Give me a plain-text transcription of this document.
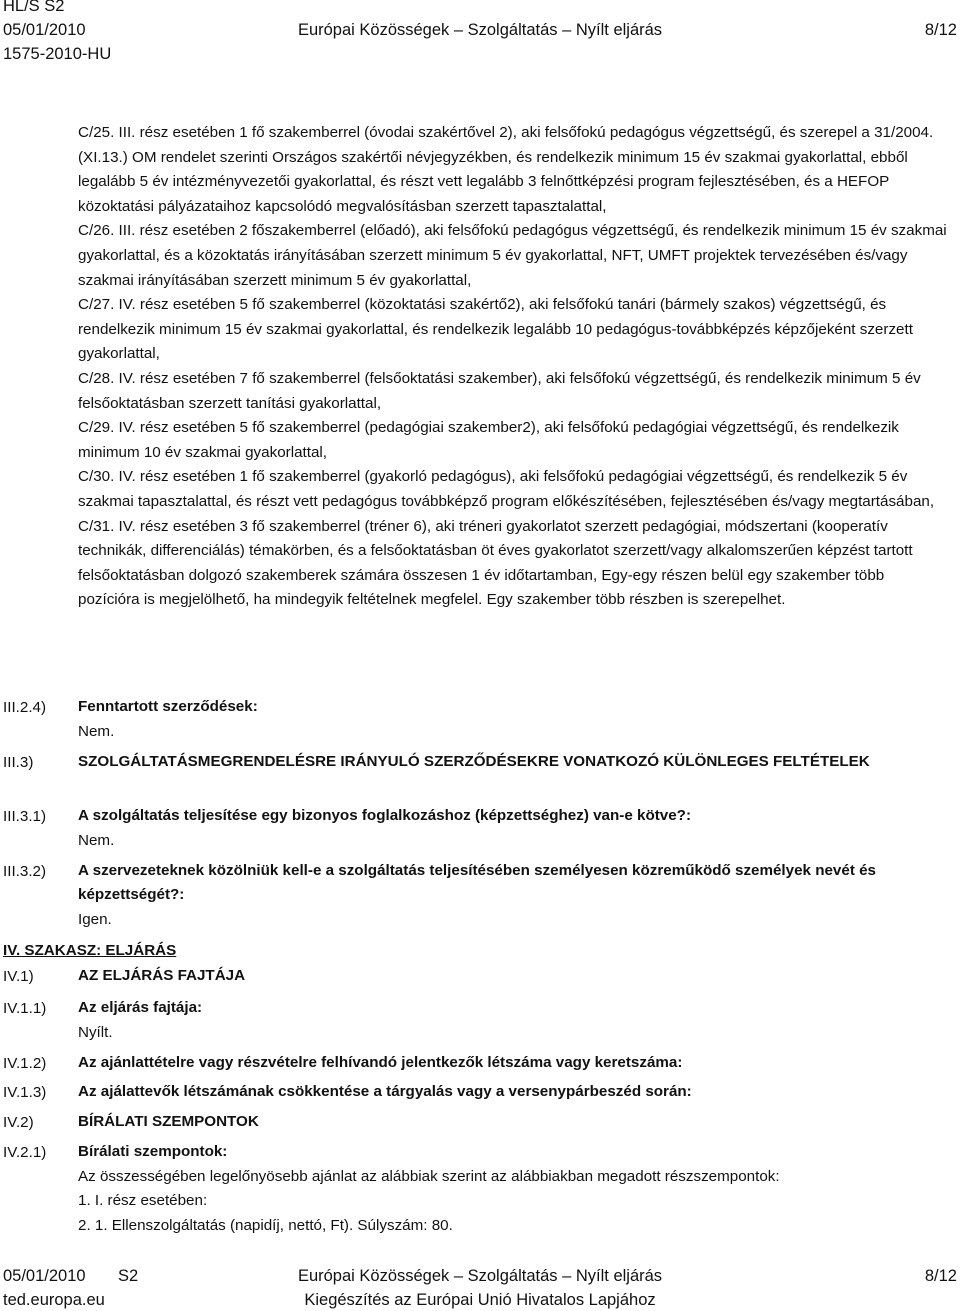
HL/S S2
05/01/2010	Európai Közösségek – Szolgáltatás – Nyílt eljárás	8/12
1575-2010-HU

C/25. III. rész esetében 1 fő szakemberrel (óvodai szakértővel 2), aki felsőfokú pedagógus végzettségű, és szerepel a 31/2004. (XI.13.) OM rendelet szerinti Országos szakértői névjegyzékben, és rendelkezik minimum 15 év szakmai gyakorlattal, ebből legalább 5 év intézményvezetői gyakorlattal, és részt vett legalább 3 felnőttképzési program fejlesztésében, és a HEFOP közoktatási pályázataihoz kapcsolódó megvalósításban szerzett tapasztalattal,

C/26. III. rész esetében 2 főszakemberrel (előadó), aki felsőfokú pedagógus végzettségű, és rendelkezik minimum 15 év szakmai gyakorlattal, és a közoktatás irányításában szerzett minimum 5 év gyakorlattal, NFT, UMFT projektek tervezésében és/vagy szakmai irányításában szerzett minimum 5 év gyakorlattal,

C/27. IV. rész esetében 5 fő szakemberrel (közoktatási szakértő2), aki felsőfokú tanári (bármely szakos) végzettségű, és rendelkezik minimum 15 év szakmai gyakorlattal, és rendelkezik legalább 10 pedagógus-továbbképzés képzőjeként szerzett gyakorlattal,

C/28. IV. rész esetében 7 fő szakemberrel (felsőoktatási szakember), aki felsőfokú végzettségű, és rendelkezik minimum 5 év felsőoktatásban szerzett tanítási gyakorlattal,

C/29. IV. rész esetében 5 fő szakemberrel (pedagógiai szakember2), aki felsőfokú pedagógiai végzettségű, és rendelkezik minimum 10 év szakmai gyakorlattal,

C/30. IV. rész esetében 1 fő szakemberrel (gyakorló pedagógus), aki felsőfokú pedagógiai végzettségű, és rendelkezik 5 év szakmai tapasztalattal, és részt vett pedagógus továbbképző program előkészítésében, fejlesztésében és/vagy megtartásában,

C/31. IV. rész esetében 3 fő szakemberrel (tréner 6), aki tréneri gyakorlatot szerzett pedagógiai, módszertani (kooperatív technikák, differenciálás) témakörben, és a felsőoktatásban öt éves gyakorlatot szerzett/vagy alkalomszerűen képzést tartott felsőoktatásban dolgozó szakemberek számára összesen 1 év időtartamban, Egy-egy részen belül egy szakember több pozícióra is megjelölhető, ha mindegyik feltételnek megfelel. Egy szakember több részben is szerepelhet.

III.2.4)	Fenntartott szerződések:
Nem.
III.3)	SZOLGÁLTATÁSMEGRENDELÉSRE IRÁNYULÓ SZERZŐDÉSEKRE VONATKOZÓ KÜLÖNLEGES FELTÉTELEK
III.3.1)	A szolgáltatás teljesítése egy bizonyos foglalkozáshoz (képzettséghez) van-e kötve?:
Nem.
III.3.2)	A szervezeteknek közölniük kell-e a szolgáltatás teljesítésében személyesen közreműködő személyek nevét és képzettségét?:
Igen.
IV. SZAKASZ: ELJÁRÁS
IV.1)	AZ ELJÁRÁS FAJTÁJA
IV.1.1)	Az eljárás fajtája:
Nyílt.
IV.1.2)	Az ajánlattételre vagy részvételre felhívandó jelentkezők létszáma vagy keretszáma:
IV.1.3)	Az ajálattevők létszámának csökkentése a tárgyalás vagy a versenypárbeszéd során:
IV.2)	BÍRÁLATI SZEMPONTOK
IV.2.1)	Bírálati szempontok:
Az összességében legelőnyösebb ajánlat az alábbiak szerint az alábbiakban megadott részszempontok:
1. I. rész esetében:
2. 1. Ellenszolgáltatás (napidíj, nettó, Ft). Súlyszám: 80.
05/01/2010 S2	Európai Közösségek – Szolgáltatás – Nyílt eljárás	8/12
ted.europa.eu	Kiegészítés az Európai Unió Hivatalos Lapjához
